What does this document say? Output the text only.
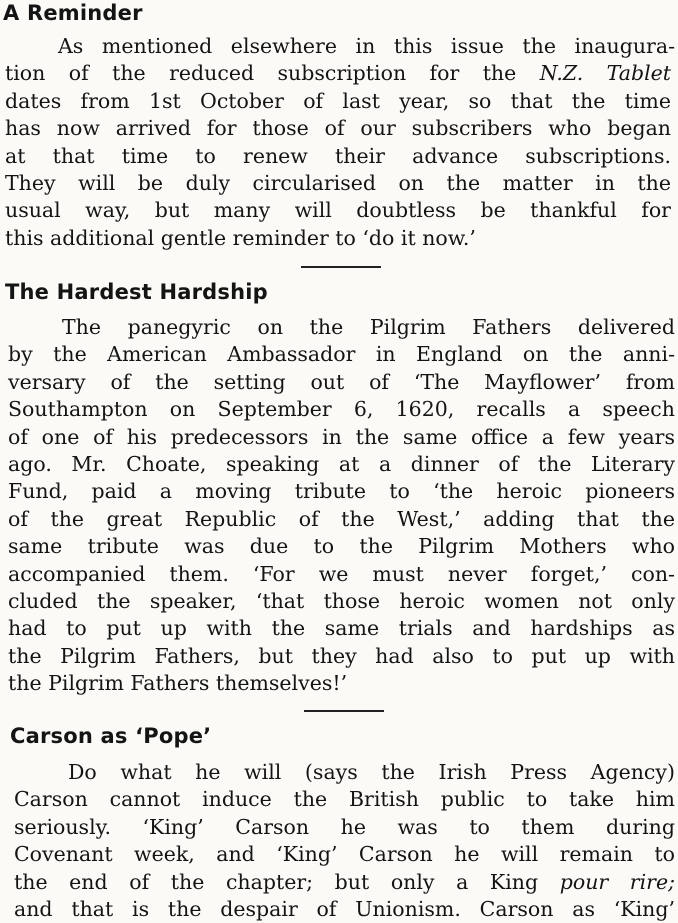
A Reminder
As mentioned elsewhere in this issue the inaugura-
tion of the reduced subscription for the N.Z. Tablet
dates from 1st October of last year, so that the time
has now arrived for those of our subscribers who began
at that time to renew their advance subscriptions.
They will be duly circularised on the matter in the
usual way, but many will doubtless be thankful for
this additional gentle reminder to ‘do it now.’
The Hardest Hardship
The panegyric on the Pilgrim Fathers delivered
by the American Ambassador in England on the anni-
versary of the setting out of ‘The Mayflower’ from
Southampton on September 6, 1620, recalls a speech
of one of his predecessors in the same office a few years
ago. Mr. Choate, speaking at a dinner of the Literary
Fund, paid a moving tribute to ‘the heroic pioneers
of the great Republic of the West,’ adding that the
same tribute was due to the Pilgrim Mothers who
accompanied them. ‘For we must never forget,’ con-
cluded the speaker, ‘that those heroic women not only
had to put up with the same trials and hardships as
the Pilgrim Fathers, but they had also to put up with
the Pilgrim Fathers themselves!’
Carson as ‘Pope’
Do what he will (says the Irish Press Agency)
Carson cannot induce the British public to take him
seriously. ‘King’ Carson he was to them during
Covenant week, and ‘King’ Carson he will remain to
the end of the chapter; but only a King pour rire;
and that is the despair of Unionism. Carson as ‘King’
